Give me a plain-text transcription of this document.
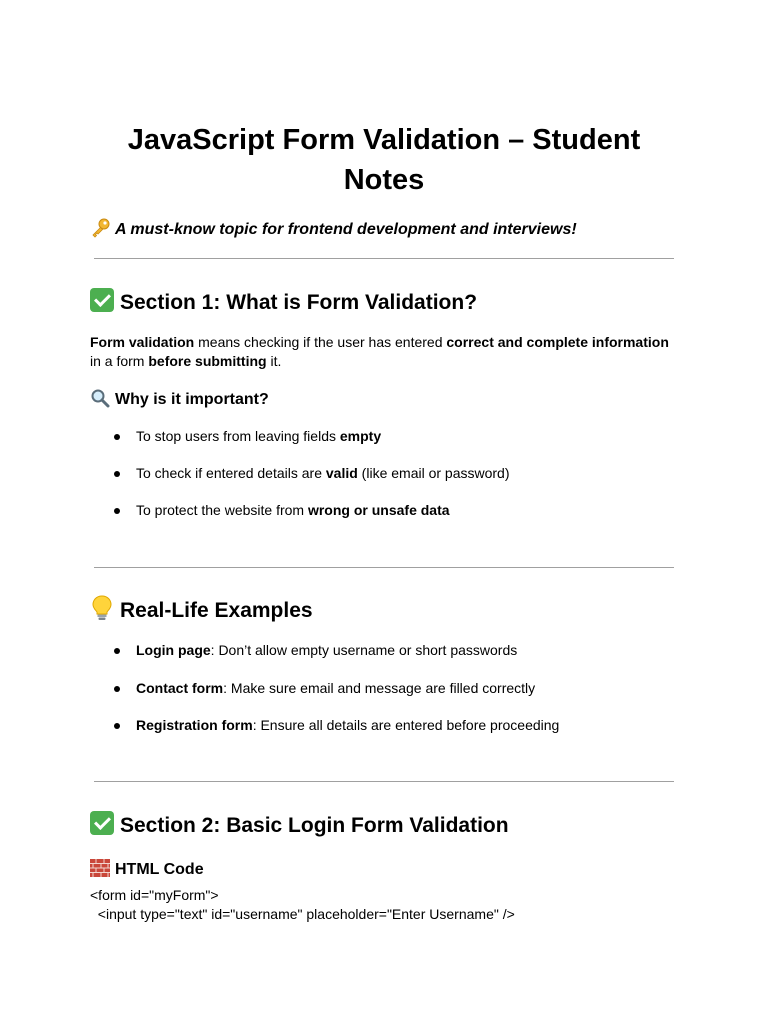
JavaScript Form Validation – Student Notes
A must-know topic for frontend development and interviews!
Section 1: What is Form Validation?
Form validation means checking if the user has entered correct and complete information in a form before submitting it.
Why is it important?
To stop users from leaving fields empty
To check if entered details are valid (like email or password)
To protect the website from wrong or unsafe data
Real-Life Examples
Login page: Don’t allow empty username or short passwords
Contact form: Make sure email and message are filled correctly
Registration form: Ensure all details are entered before proceeding
Section 2: Basic Login Form Validation
HTML Code
<form id="myForm">
<input type="text" id="username" placeholder="Enter Username" />
